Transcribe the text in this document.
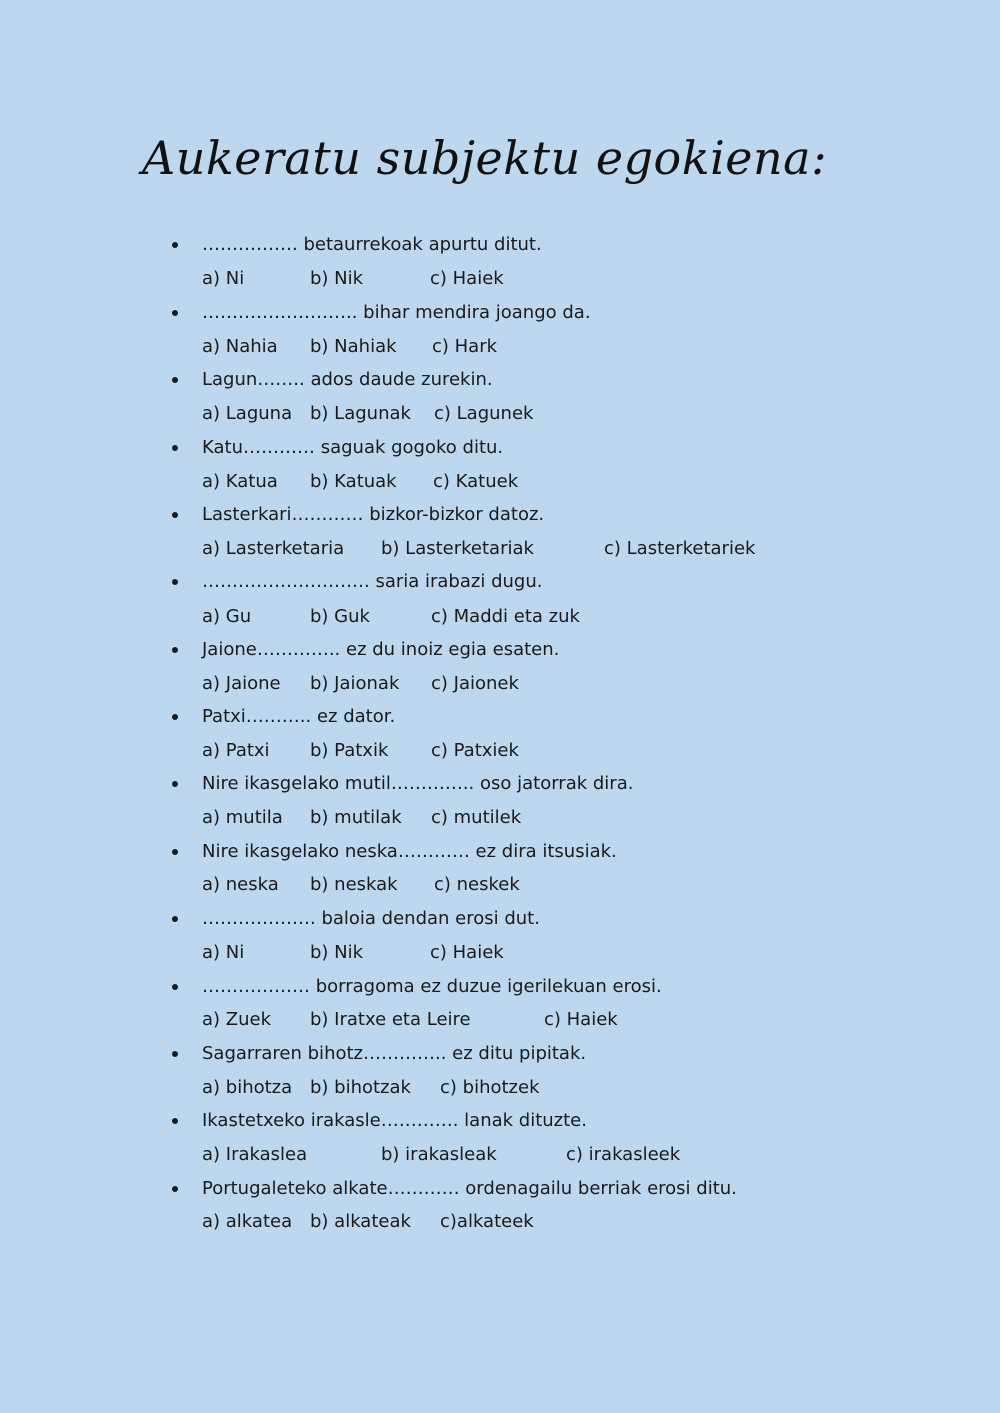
Aukeratu subjektu egokiena:
……………. betaurrekoak apurtu ditut.
a) Ni	b) Nik	c) Haiek
…………………….. bihar mendira joango da.
a) Nahia b) Nahiak c) Hark
Lagun…….. ados daude zurekin.
a) Laguna b) Lagunak c) Lagunek
Katu………… saguak gogoko ditu.
a) Katua b) Katuak c) Katuek
Lasterkari………… bizkor-bizkor datoz.
a) Lasterketaria b) Lasterketariak	c) Lasterketariek
………………………. saria irabazi dugu.
a) Gu	b) Guk	c) Maddi eta zuk
Jaione………….. ez du inoiz egia esaten.
a) Jaione b) Jaionak c) Jaionek
Patxi……….. ez dator.
a) Patxi b) Patxik c) Patxiek
Nire ikasgelako mutil………….. oso jatorrak dira.
a) mutila b) mutilak c) mutilek
Nire ikasgelako neska………… ez dira itsusiak.
a) neska b) neskak c) neskek
………………. baloia dendan erosi dut.
a) Ni	b) Nik	c) Haiek
……………… borragoma ez duzue igerilekuan erosi.
a) Zuek b) Iratxe eta Leire	c) Haiek
Sagarraren bihotz………….. ez ditu pipitak.
a) bihotza b) bihotzak c) bihotzek
Ikastetxeko irakasle…………. lanak dituzte.
a) Irakaslea	b) irakasleak	c) irakasleek
Portugaleteko alkate………… ordenagailu berriak erosi ditu.
a) alkatea b) alkateak c)alkateek
